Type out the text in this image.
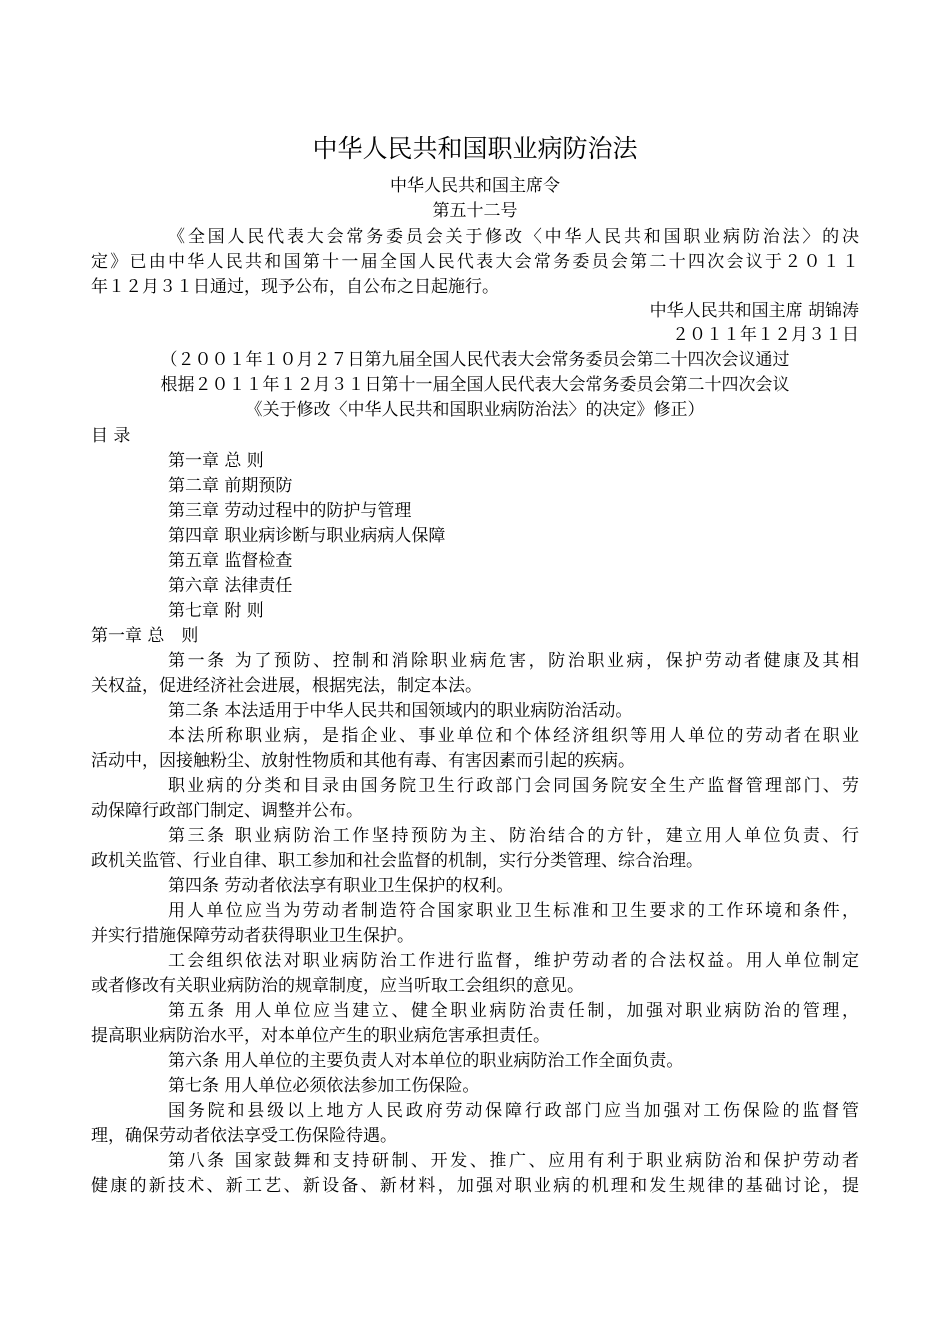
中华人民共和国职业病防治法
中华人民共和国主席令
第五十二号
《全国人民代表大会常务委员会关于修改〈中华人民共和国职业病防治法〉的决
定》已由中华人民共和国第十一届全国人民代表大会常务委员会第二十四次会议于２０１１
年１２月３１日通过，现予公布，自公布之日起施行。
中华人民共和国主席 胡锦涛
２０１１年１２月３１日
（２００１年１０月２７日第九届全国人民代表大会常务委员会第二十四次会议通过
根据２０１１年１２月３１日第十一届全国人民代表大会常务委员会第二十四次会议
《关于修改〈中华人民共和国职业病防治法〉的决定》修正）
目 录
第一章 总 则
第二章 前期预防
第三章 劳动过程中的防护与管理
第四章 职业病诊断与职业病病人保障
第五章 监督检查
第六章 法律责任
第七章 附 则
第一章 总　则
第一条 为了预防、控制和消除职业病危害，防治职业病，保护劳动者健康及其相
关权益，促进经济社会进展，根据宪法，制定本法。
第二条 本法适用于中华人民共和国领域内的职业病防治活动。
本法所称职业病，是指企业、事业单位和个体经济组织等用人单位的劳动者在职业
活动中，因接触粉尘、放射性物质和其他有毒、有害因素而引起的疾病。
职业病的分类和目录由国务院卫生行政部门会同国务院安全生产监督管理部门、劳
动保障行政部门制定、调整并公布。
第三条 职业病防治工作坚持预防为主、防治结合的方针，建立用人单位负责、行
政机关监管、行业自律、职工参加和社会监督的机制，实行分类管理、综合治理。
第四条 劳动者依法享有职业卫生保护的权利。
用人单位应当为劳动者制造符合国家职业卫生标准和卫生要求的工作环境和条件，
并实行措施保障劳动者获得职业卫生保护。
工会组织依法对职业病防治工作进行监督，维护劳动者的合法权益。用人单位制定
或者修改有关职业病防治的规章制度，应当听取工会组织的意见。
第五条 用人单位应当建立、健全职业病防治责任制，加强对职业病防治的管理，
提高职业病防治水平，对本单位产生的职业病危害承担责任。
第六条 用人单位的主要负责人对本单位的职业病防治工作全面负责。
第七条 用人单位必须依法参加工伤保险。
国务院和县级以上地方人民政府劳动保障行政部门应当加强对工伤保险的监督管
理，确保劳动者依法享受工伤保险待遇。
第八条 国家鼓舞和支持研制、开发、推广、应用有利于职业病防治和保护劳动者
健康的新技术、新工艺、新设备、新材料，加强对职业病的机理和发生规律的基础讨论，提
